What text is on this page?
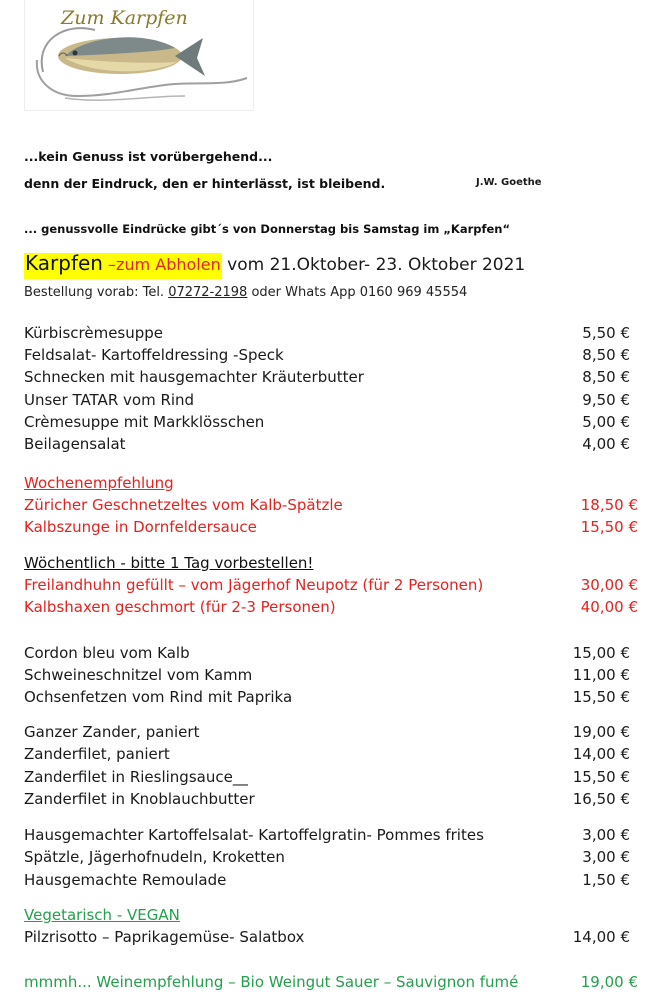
Zum Karpfen
...kein Genuss ist vorübergehend...
denn der Eindruck, den er hinterlässt, ist bleibend.	J.W. Goethe
... genussvolle Eindrücke gibt´s von Donnerstag bis Samstag im „Karpfen“
Karpfen –zum Abholen vom 21.Oktober- 23. Oktober 2021
Bestellung vorab: Tel. 07272-2198 oder Whats App 0160 969 45554
Kürbiscrèmesuppe	5,50 €
Feldsalat- Kartoffeldressing -Speck	8,50 €
Schnecken mit hausgemachter Kräuterbutter	8,50 €
Unser TATAR vom Rind	9,50 €
Crèmesuppe mit Markklösschen	5,00 €
Beilagensalat	4,00 €
Wochenempfehlung
Züricher Geschnetzeltes vom Kalb-Spätzle	18,50 €
Kalbszunge in Dornfeldersauce	15,50 €
Wöchentlich - bitte 1 Tag vorbestellen!
Freilandhuhn gefüllt – vom Jägerhof Neupotz (für 2 Personen)	30,00 €
Kalbshaxen geschmort (für 2-3 Personen)	40,00 €
Cordon bleu vom Kalb	15,00 €
Schweineschnitzel vom Kamm	11,00 €
Ochsenfetzen vom Rind mit Paprika	15,50 €
Ganzer Zander, paniert	19,00 €
Zanderfilet, paniert	14,00 €
Zanderfilet in Rieslingsauce__	15,50 €
Zanderfilet in Knoblauchbutter	16,50 €
Hausgemachter Kartoffelsalat- Kartoffelgratin- Pommes frites	3,00 €
Spätzle, Jägerhofnudeln, Kroketten	3,00 €
Hausgemachte Remoulade	1,50 €
Vegetarisch - VEGAN
Pilzrisotto – Paprikagemüse- Salatbox	14,00 €
mmmh... Weinempfehlung – Bio Weingut Sauer – Sauvignon fumé	19,00 €
